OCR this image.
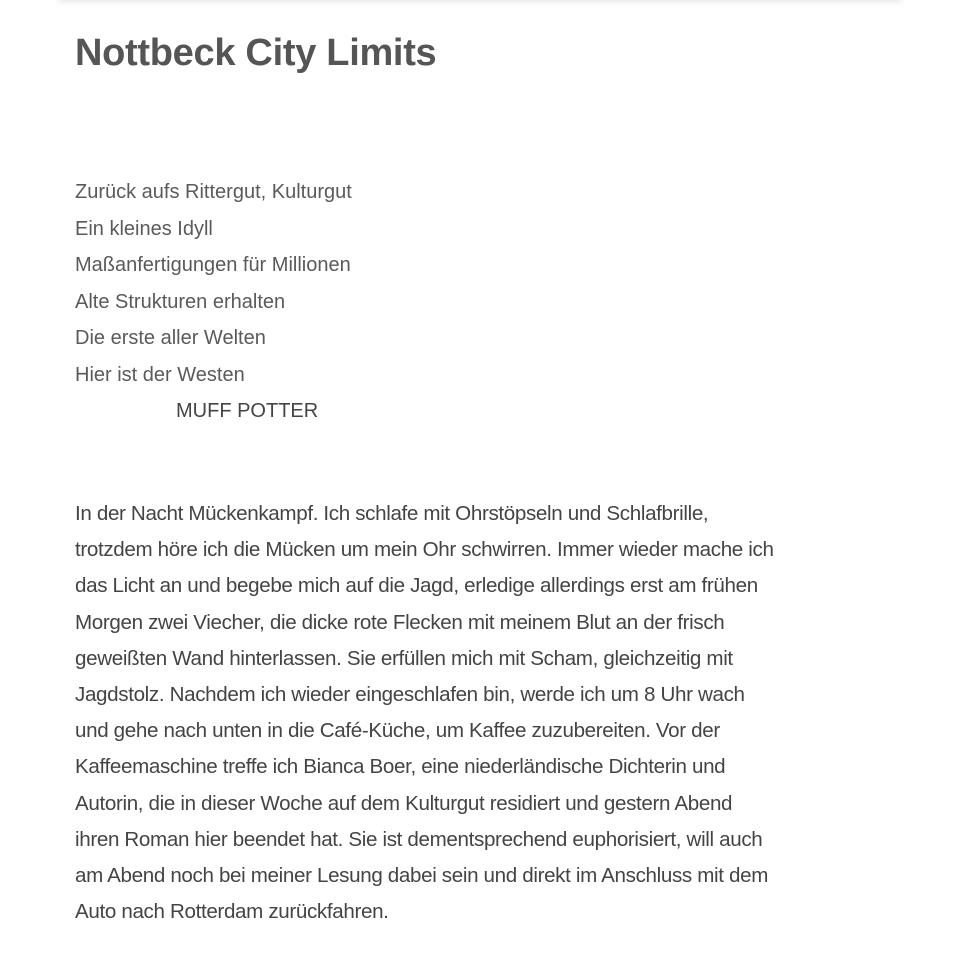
Nottbeck City Limits
Zurück aufs Rittergut, Kulturgut
Ein kleines Idyll
Maßanfertigungen für Millionen
Alte Strukturen erhalten
Die erste aller Welten
Hier ist der Westen
MUFF POTTER
In der Nacht Mückenkampf. Ich schlafe mit Ohrstöpseln und Schlafbrille,
trotzdem höre ich die Mücken um mein Ohr schwirren. Immer wieder mache ich
das Licht an und begebe mich auf die Jagd, erledige allerdings erst am frühen
Morgen zwei Viecher, die dicke rote Flecken mit meinem Blut an der frisch
geweißten Wand hinterlassen. Sie erfüllen mich mit Scham, gleichzeitig mit
Jagdstolz. Nachdem ich wieder eingeschlafen bin, werde ich um 8 Uhr wach
und gehe nach unten in die Café-Küche, um Kaffee zuzubereiten. Vor der
Kaffeemaschine treffe ich Bianca Boer, eine niederländische Dichterin und
Autorin, die in dieser Woche auf dem Kulturgut residiert und gestern Abend
ihren Roman hier beendet hat. Sie ist dementsprechend euphorisiert, will auch
am Abend noch bei meiner Lesung dabei sein und direkt im Anschluss mit dem
Auto nach Rotterdam zurückfahren.
